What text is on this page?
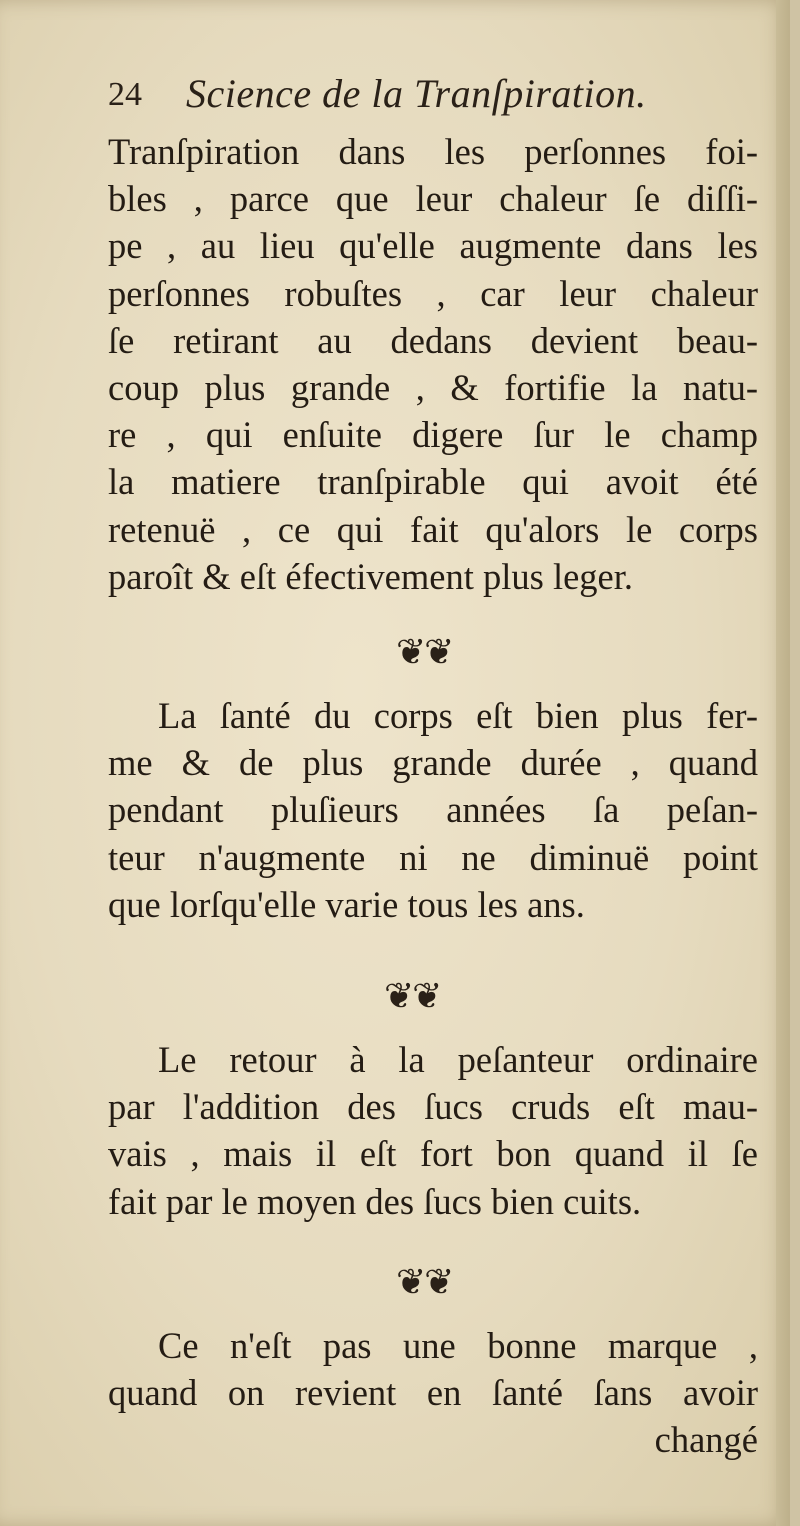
24 Science de la Tranſpiration.
Tranſpiration dans les perſonnes foi-
bles , parce que leur chaleur ſe diſſi-
pe , au lieu qu'elle augmente dans les
perſonnes robuſtes , car leur chaleur
ſe retirant au dedans devient beau-
coup plus grande , & fortifie la natu-
re , qui enſuite digere ſur le champ
la matiere tranſpirable qui avoit été
retenuë , ce qui fait qu'alors le corps
paroît & eſt éfectivement plus leger.
❦❦
La ſanté du corps eſt bien plus fer-
me & de plus grande durée , quand
pendant pluſieurs années ſa peſan-
teur n'augmente ni ne diminuë point
que lorſqu'elle varie tous les ans.
❦❦
Le retour à la peſanteur ordinaire
par l'addition des ſucs cruds eſt mau-
vais , mais il eſt fort bon quand il ſe
fait par le moyen des ſucs bien cuits.
❦❦
Ce n'eſt pas une bonne marque ,
quand on revient en ſanté ſans avoir
changé
